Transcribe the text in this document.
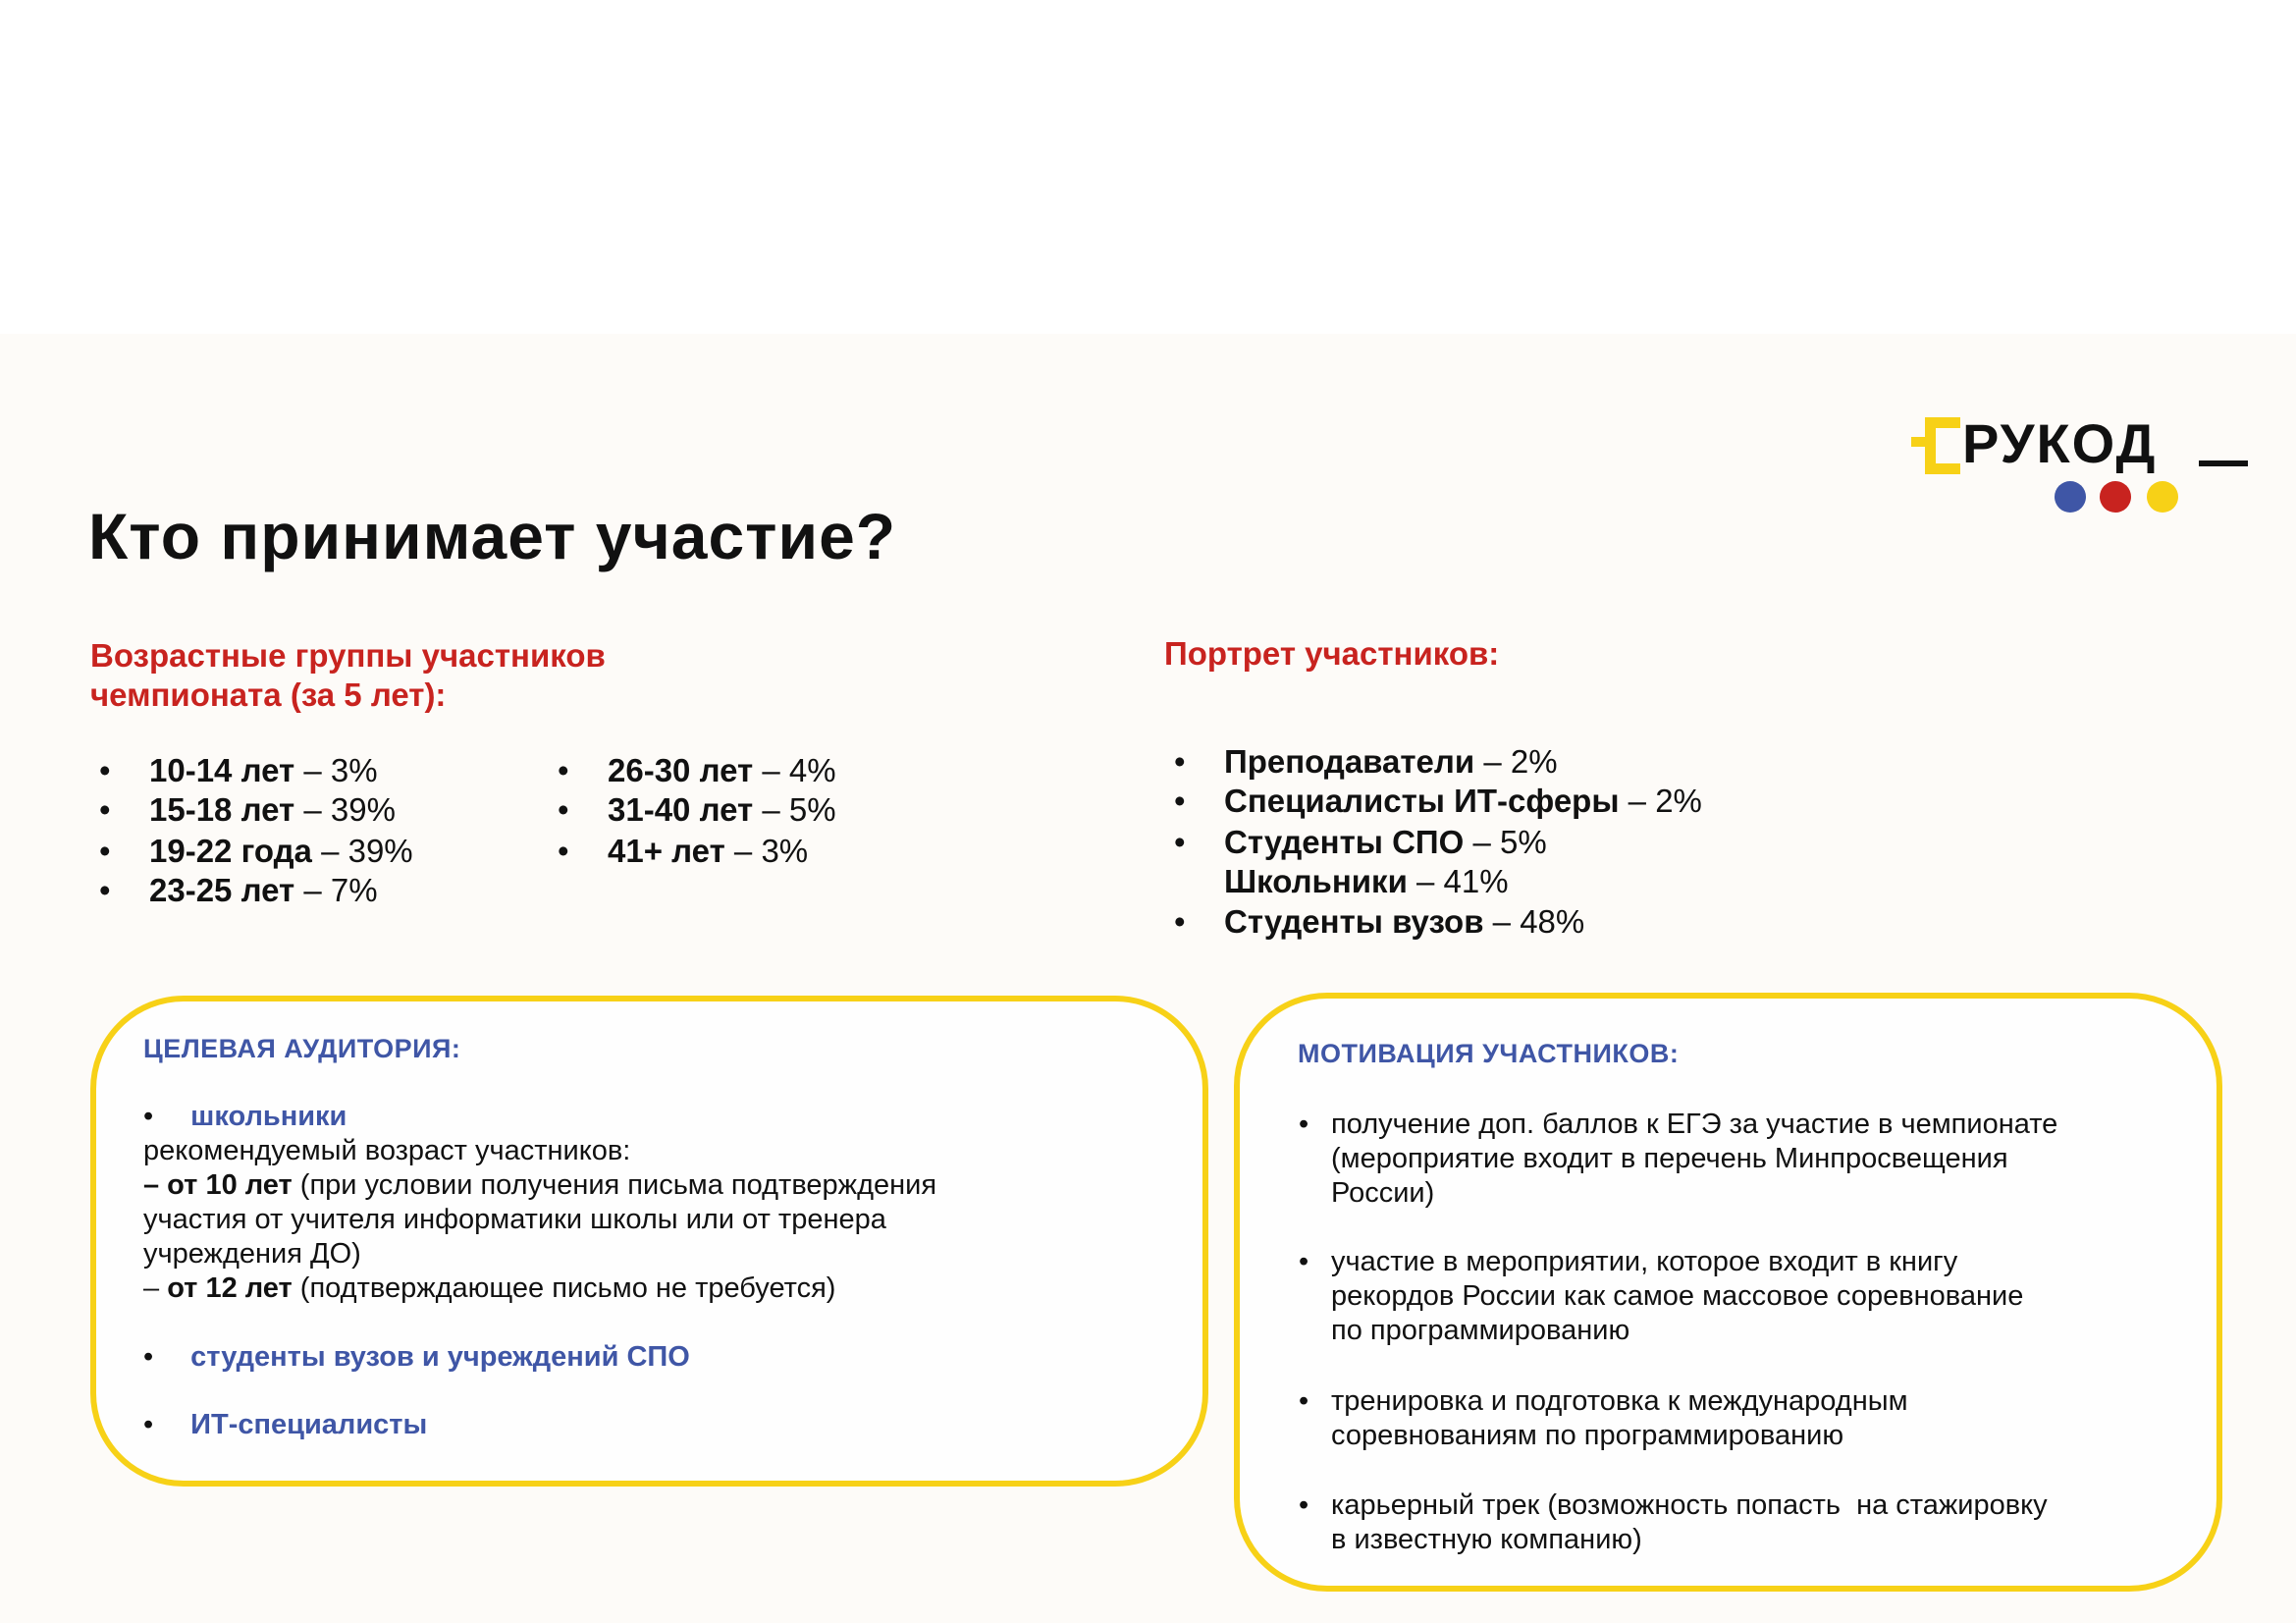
РУКОД
Кто принимает участие?
Возрастные группы участников
чемпионата (за 5 лет):
• 10-14 лет – 3%
• 15-18 лет – 39%
• 19-22 года – 39%
• 23-25 лет – 7%
• 26-30 лет – 4%
• 31-40 лет – 5%
• 41+ лет – 3%
Портрет участников:
• Преподаватели – 2%
• Специалисты ИТ-сферы – 2%
• Студенты СПО – 5%
Школьники – 41%
• Студенты вузов – 48%
ЦЕЛЕВАЯ АУДИТОРИЯ:
• школьники
рекомендуемый возраст участников:
– от 10 лет (при условии получения письма подтверждения
участия от учителя информатики школы или от тренера
учреждения ДО)
– от 12 лет (подтверждающее письмо не требуется)
• студенты вузов и учреждений СПО
• ИТ-специалисты
МОТИВАЦИЯ УЧАСТНИКОВ:
• получение доп. баллов к ЕГЭ за участие в чемпионате
(мероприятие входит в перечень Минпросвещения
России)
• участие в мероприятии, которое входит в книгу
рекордов России как самое массовое соревнование
по программированию
• тренировка и подготовка к международным
соревнованиям по программированию
• карьерный трек (возможность попасть  на стажировку
в известную компанию)
